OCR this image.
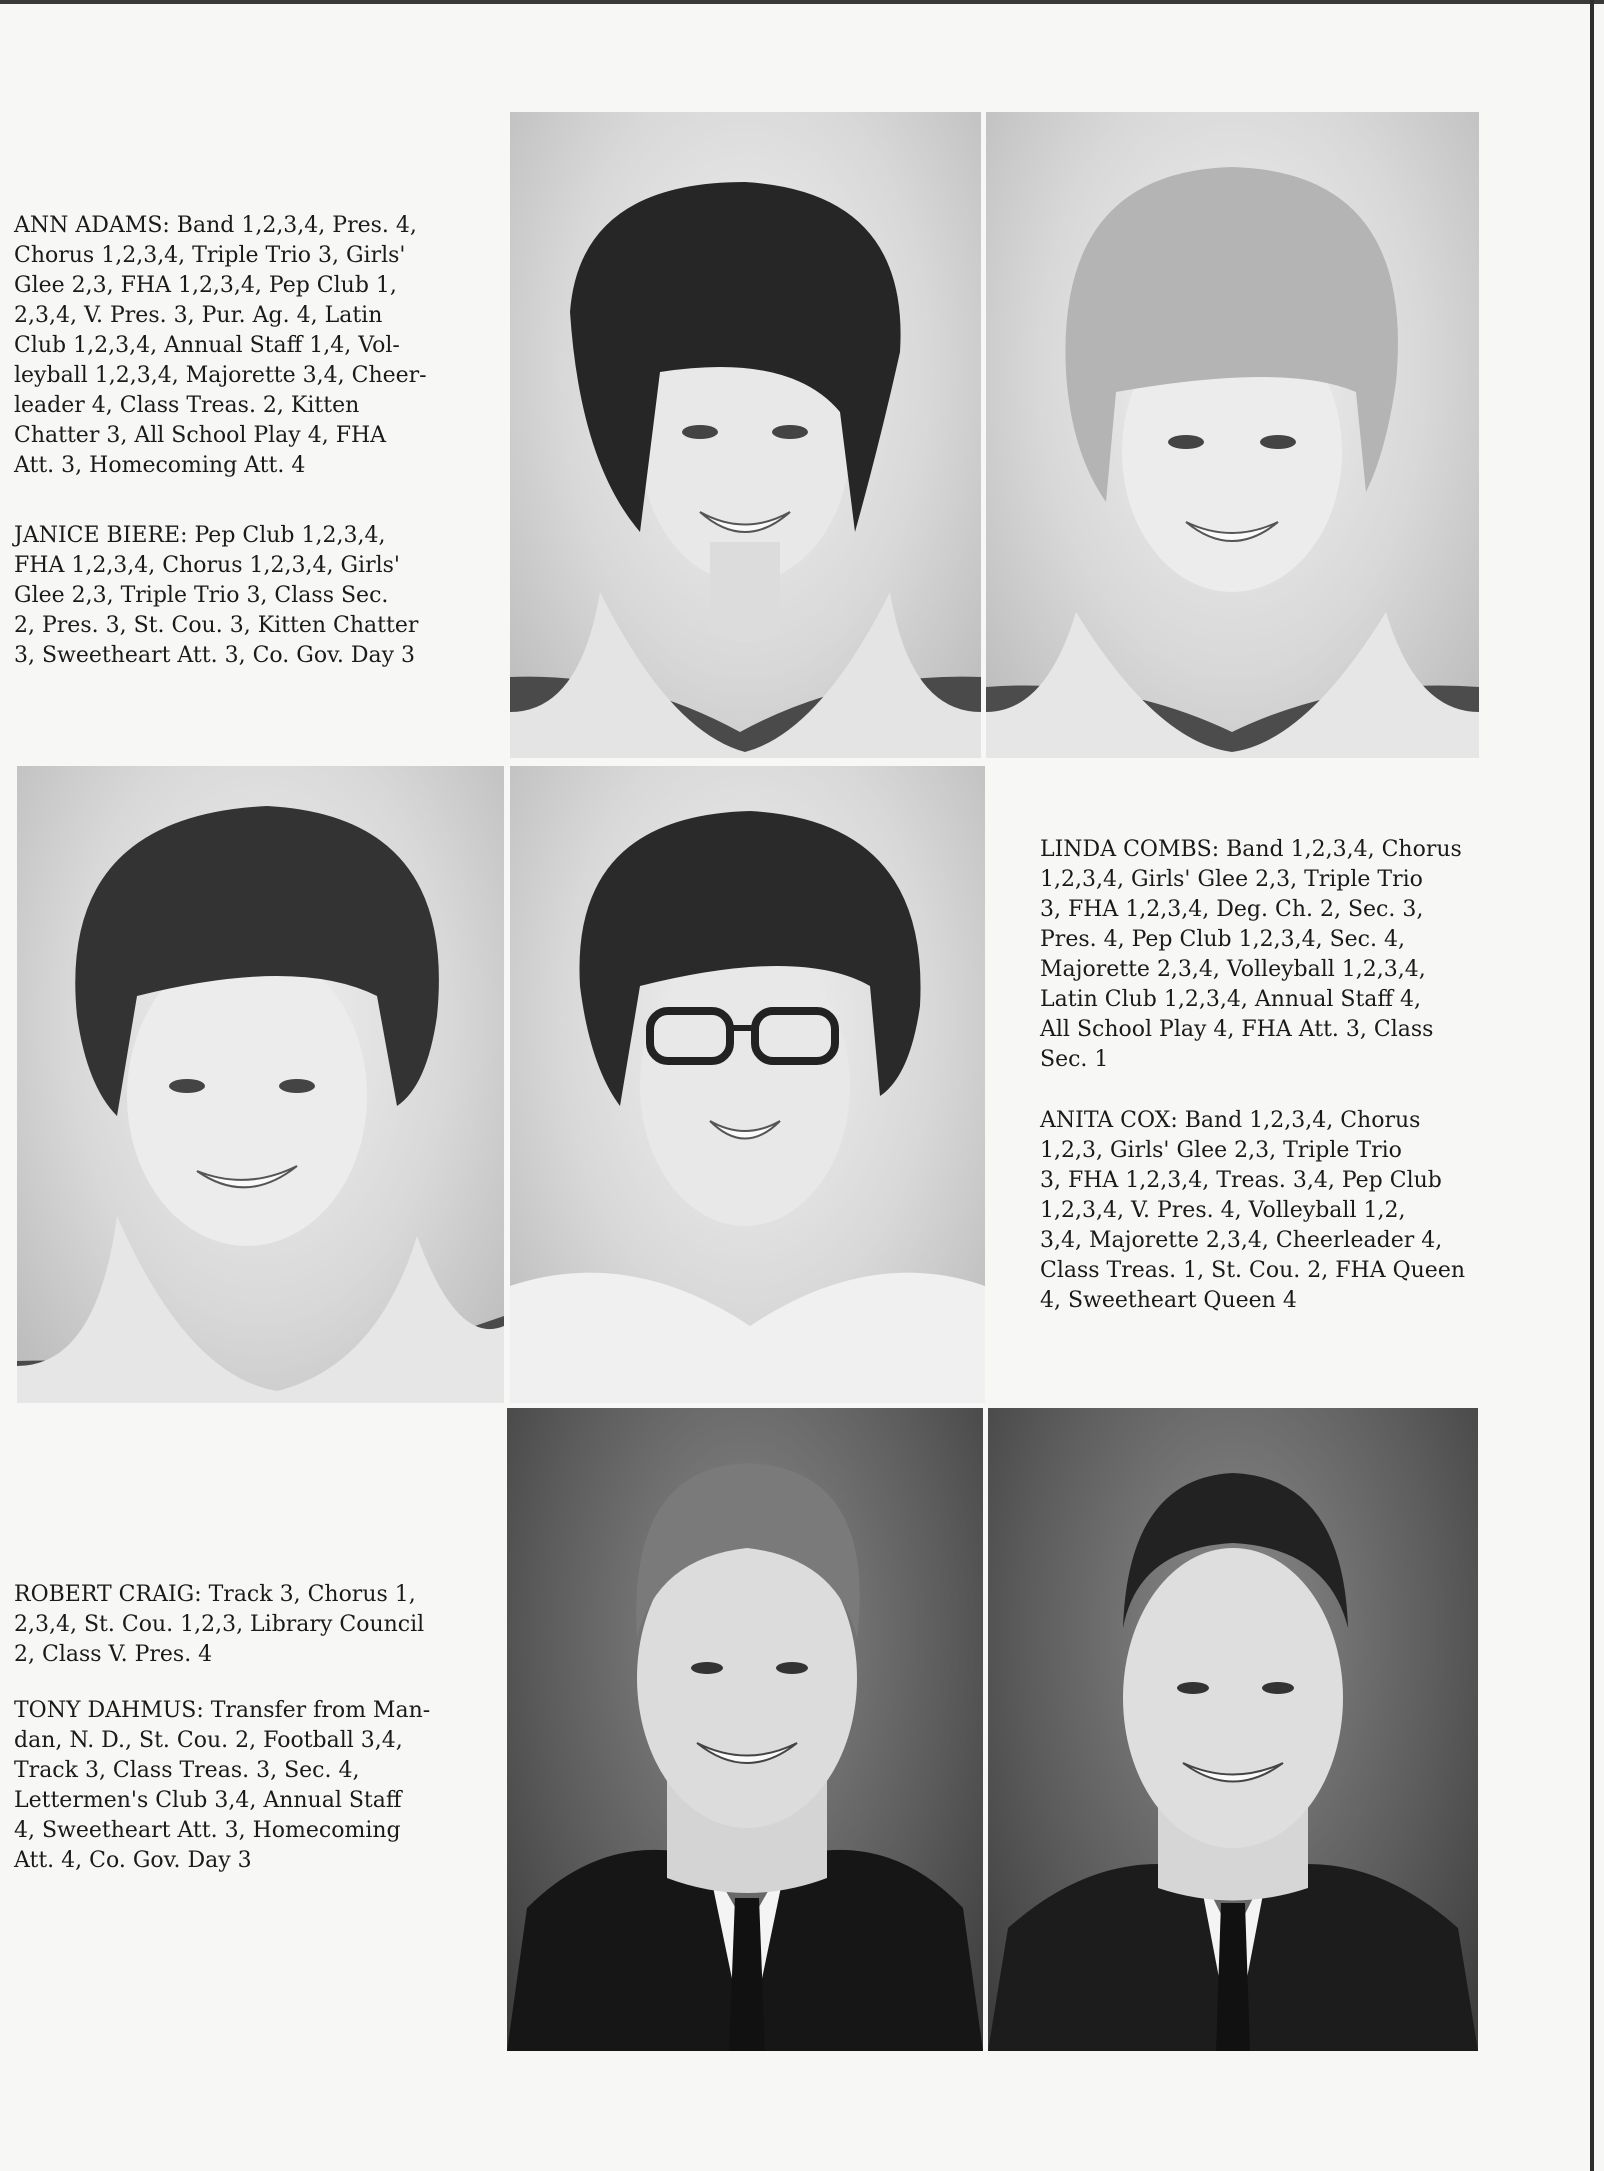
ANN ADAMS: Band 1,2,3,4, Pres. 4,
Chorus 1,2,3,4, Triple Trio 3, Girls'
Glee 2,3, FHA 1,2,3,4, Pep Club 1,
2,3,4, V. Pres. 3, Pur. Ag. 4, Latin
Club 1,2,3,4, Annual Staff 1,4, Vol-
leyball 1,2,3,4, Majorette 3,4, Cheer-
leader 4, Class Treas. 2, Kitten
Chatter 3, All School Play 4, FHA
Att. 3, Homecoming Att. 4
JANICE BIERE: Pep Club 1,2,3,4,
FHA 1,2,3,4, Chorus 1,2,3,4, Girls'
Glee 2,3, Triple Trio 3, Class Sec.
2, Pres. 3, St. Cou. 3, Kitten Chatter
3, Sweetheart Att. 3, Co. Gov. Day 3
LINDA COMBS: Band 1,2,3,4, Chorus
1,2,3,4, Girls' Glee 2,3, Triple Trio
3, FHA 1,2,3,4, Deg. Ch. 2, Sec. 3,
Pres. 4, Pep Club 1,2,3,4, Sec. 4,
Majorette 2,3,4, Volleyball 1,2,3,4,
Latin Club 1,2,3,4, Annual Staff 4,
All School Play 4, FHA Att. 3, Class
Sec. 1
ANITA COX: Band 1,2,3,4, Chorus
1,2,3, Girls' Glee 2,3, Triple Trio
3, FHA 1,2,3,4, Treas. 3,4, Pep Club
1,2,3,4, V. Pres. 4, Volleyball 1,2,
3,4, Majorette 2,3,4, Cheerleader 4,
Class Treas. 1, St. Cou. 2, FHA Queen
4, Sweetheart Queen 4
ROBERT CRAIG: Track 3, Chorus 1,
2,3,4, St. Cou. 1,2,3, Library Council
2, Class V. Pres. 4
TONY DAHMUS: Transfer from Man-
dan, N. D., St. Cou. 2, Football 3,4,
Track 3, Class Treas. 3, Sec. 4,
Lettermen's Club 3,4, Annual Staff
4, Sweetheart Att. 3, Homecoming
Att. 4, Co. Gov. Day 3
